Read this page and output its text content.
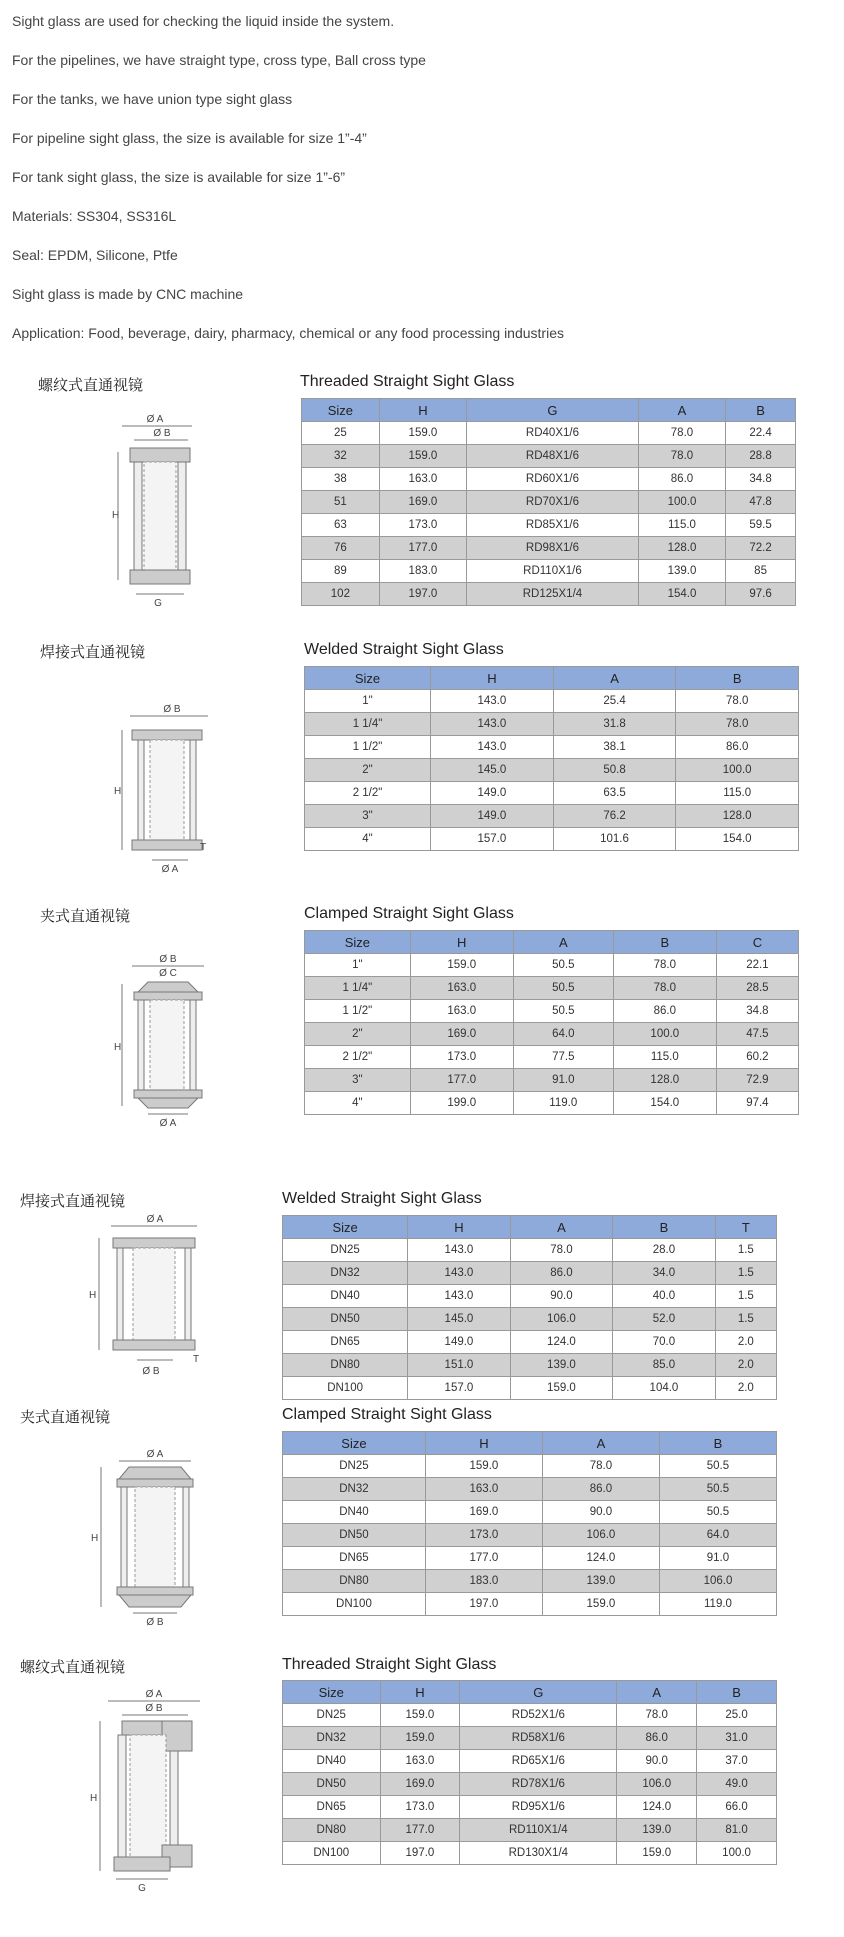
Sight glass are used for checking the liquid inside the system.

For the pipelines, we have straight type, cross type, Ball cross type

For the tanks, we have union type sight glass

For pipeline sight glass, the size is available for size 1”-4”

For tank sight glass, the size is available for size 1”-6”

Materials: SS304, SS316L

Seal: EPDM, Silicone, Ptfe

Sight glass is made by CNC machine

Application: Food, beverage, dairy, pharmacy, chemical or any food processing industries

螺纹式直通视镜
Ø A
Ø B
H
G
Threaded Straight Sight Glass
Size	H	G	A	B
25	159.0	RD40X1/6	78.0	22.4
32	159.0	RD48X1/6	78.0	28.8
38	163.0	RD60X1/6	86.0	34.8
51	169.0	RD70X1/6	100.0	47.8
63	173.0	RD85X1/6	115.0	59.5
76	177.0	RD98X1/6	128.0	72.2
89	183.0	RD110X1/6	139.0	85
102	197.0	RD125X1/4	154.0	97.6
焊接式直通视镜
Ø B
H
T
Ø A
Welded Straight Sight Glass
Size	H	A	B
1"	143.0	25.4	78.0
1 1/4"	143.0	31.8	78.0
1 1/2"	143.0	38.1	86.0
2"	145.0	50.8	100.0
2 1/2"	149.0	63.5	115.0
3"	149.0	76.2	128.0
4"	157.0	101.6	154.0
夹式直通视镜
Ø B
Ø C
H
Ø A
Clamped Straight Sight Glass
Size	H	A	B	C
1"	159.0	50.5	78.0	22.1
1 1/4"	163.0	50.5	78.0	28.5
1 1/2"	163.0	50.5	86.0	34.8
2"	169.0	64.0	100.0	47.5
2 1/2"	173.0	77.5	115.0	60.2
3"	177.0	91.0	128.0	72.9
4"	199.0	119.0	154.0	97.4
焊接式直通视镜
Ø A
H
T
Ø B
Welded Straight Sight Glass
Size	H	A	B	T
DN25	143.0	78.0	28.0	1.5
DN32	143.0	86.0	34.0	1.5
DN40	143.0	90.0	40.0	1.5
DN50	145.0	106.0	52.0	1.5
DN65	149.0	124.0	70.0	2.0
DN80	151.0	139.0	85.0	2.0
DN100	157.0	159.0	104.0	2.0
夹式直通视镜
Ø A
H
Ø B
Clamped Straight Sight Glass
Size	H	A	B
DN25	159.0	78.0	50.5
DN32	163.0	86.0	50.5
DN40	169.0	90.0	50.5
DN50	173.0	106.0	64.0
DN65	177.0	124.0	91.0
DN80	183.0	139.0	106.0
DN100	197.0	159.0	119.0
螺纹式直通视镜
Ø A
Ø B
H
G
Threaded Straight Sight Glass
Size	H	G	A	B
DN25	159.0	RD52X1/6	78.0	25.0
DN32	159.0	RD58X1/6	86.0	31.0
DN40	163.0	RD65X1/6	90.0	37.0
DN50	169.0	RD78X1/6	106.0	49.0
DN65	173.0	RD95X1/6	124.0	66.0
DN80	177.0	RD110X1/4	139.0	81.0
DN100	197.0	RD130X1/4	159.0	100.0
